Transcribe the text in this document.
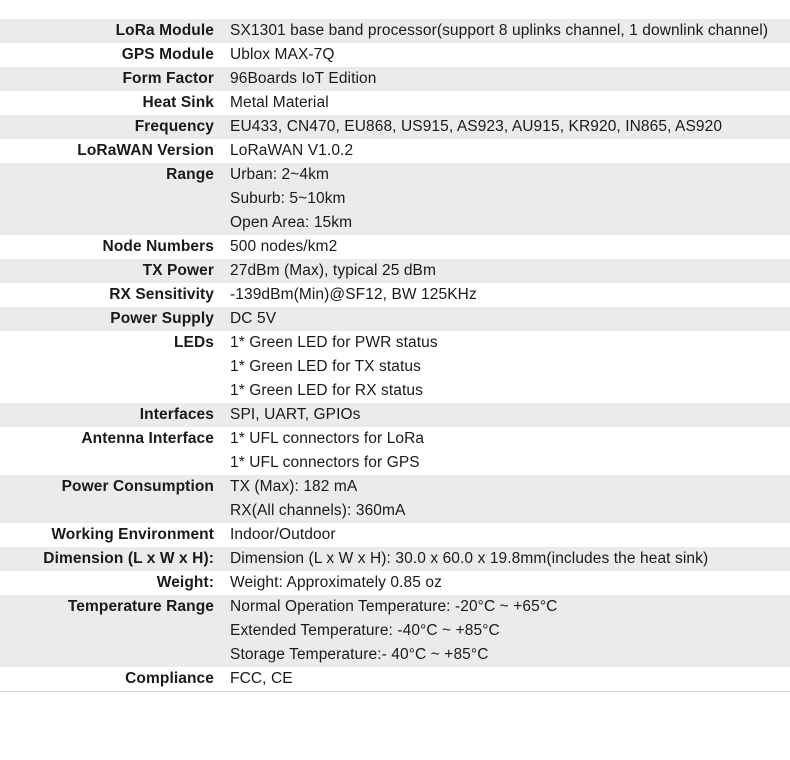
LoRa Module SX1301 base band processor(support 8 uplinks channel, 1 downlink channel)
GPS Module Ublox MAX-7Q
Form Factor 96Boards IoT Edition
Heat Sink Metal Material
Frequency EU433, CN470, EU868, US915, AS923, AU915, KR920, IN865, AS920
LoRaWAN Version LoRaWAN V1.0.2
Range Urban: 2~4km
Suburb: 5~10km
Open Area: 15km
Node Numbers 500 nodes/km2
TX Power 27dBm (Max), typical 25 dBm
RX Sensitivity -139dBm(Min)@SF12, BW 125KHz
Power Supply DC 5V
LEDs 1* Green LED for PWR status
1* Green LED for TX status
1* Green LED for RX status
Interfaces SPI, UART, GPIOs
Antenna Interface 1* UFL connectors for LoRa
1* UFL connectors for GPS
Power Consumption TX (Max): 182 mA
RX(All channels): 360mA
Working Environment Indoor/Outdoor
Dimension (L x W x H): Dimension (L x W x H): 30.0 x 60.0 x 19.8mm(includes the heat sink)
Weight: Weight: Approximately 0.85 oz
Temperature Range Normal Operation Temperature: -20°C ~ +65°C
Extended Temperature: -40°C ~ +85°C
Storage Temperature:- 40°C ~ +85°C
Compliance FCC, CE
